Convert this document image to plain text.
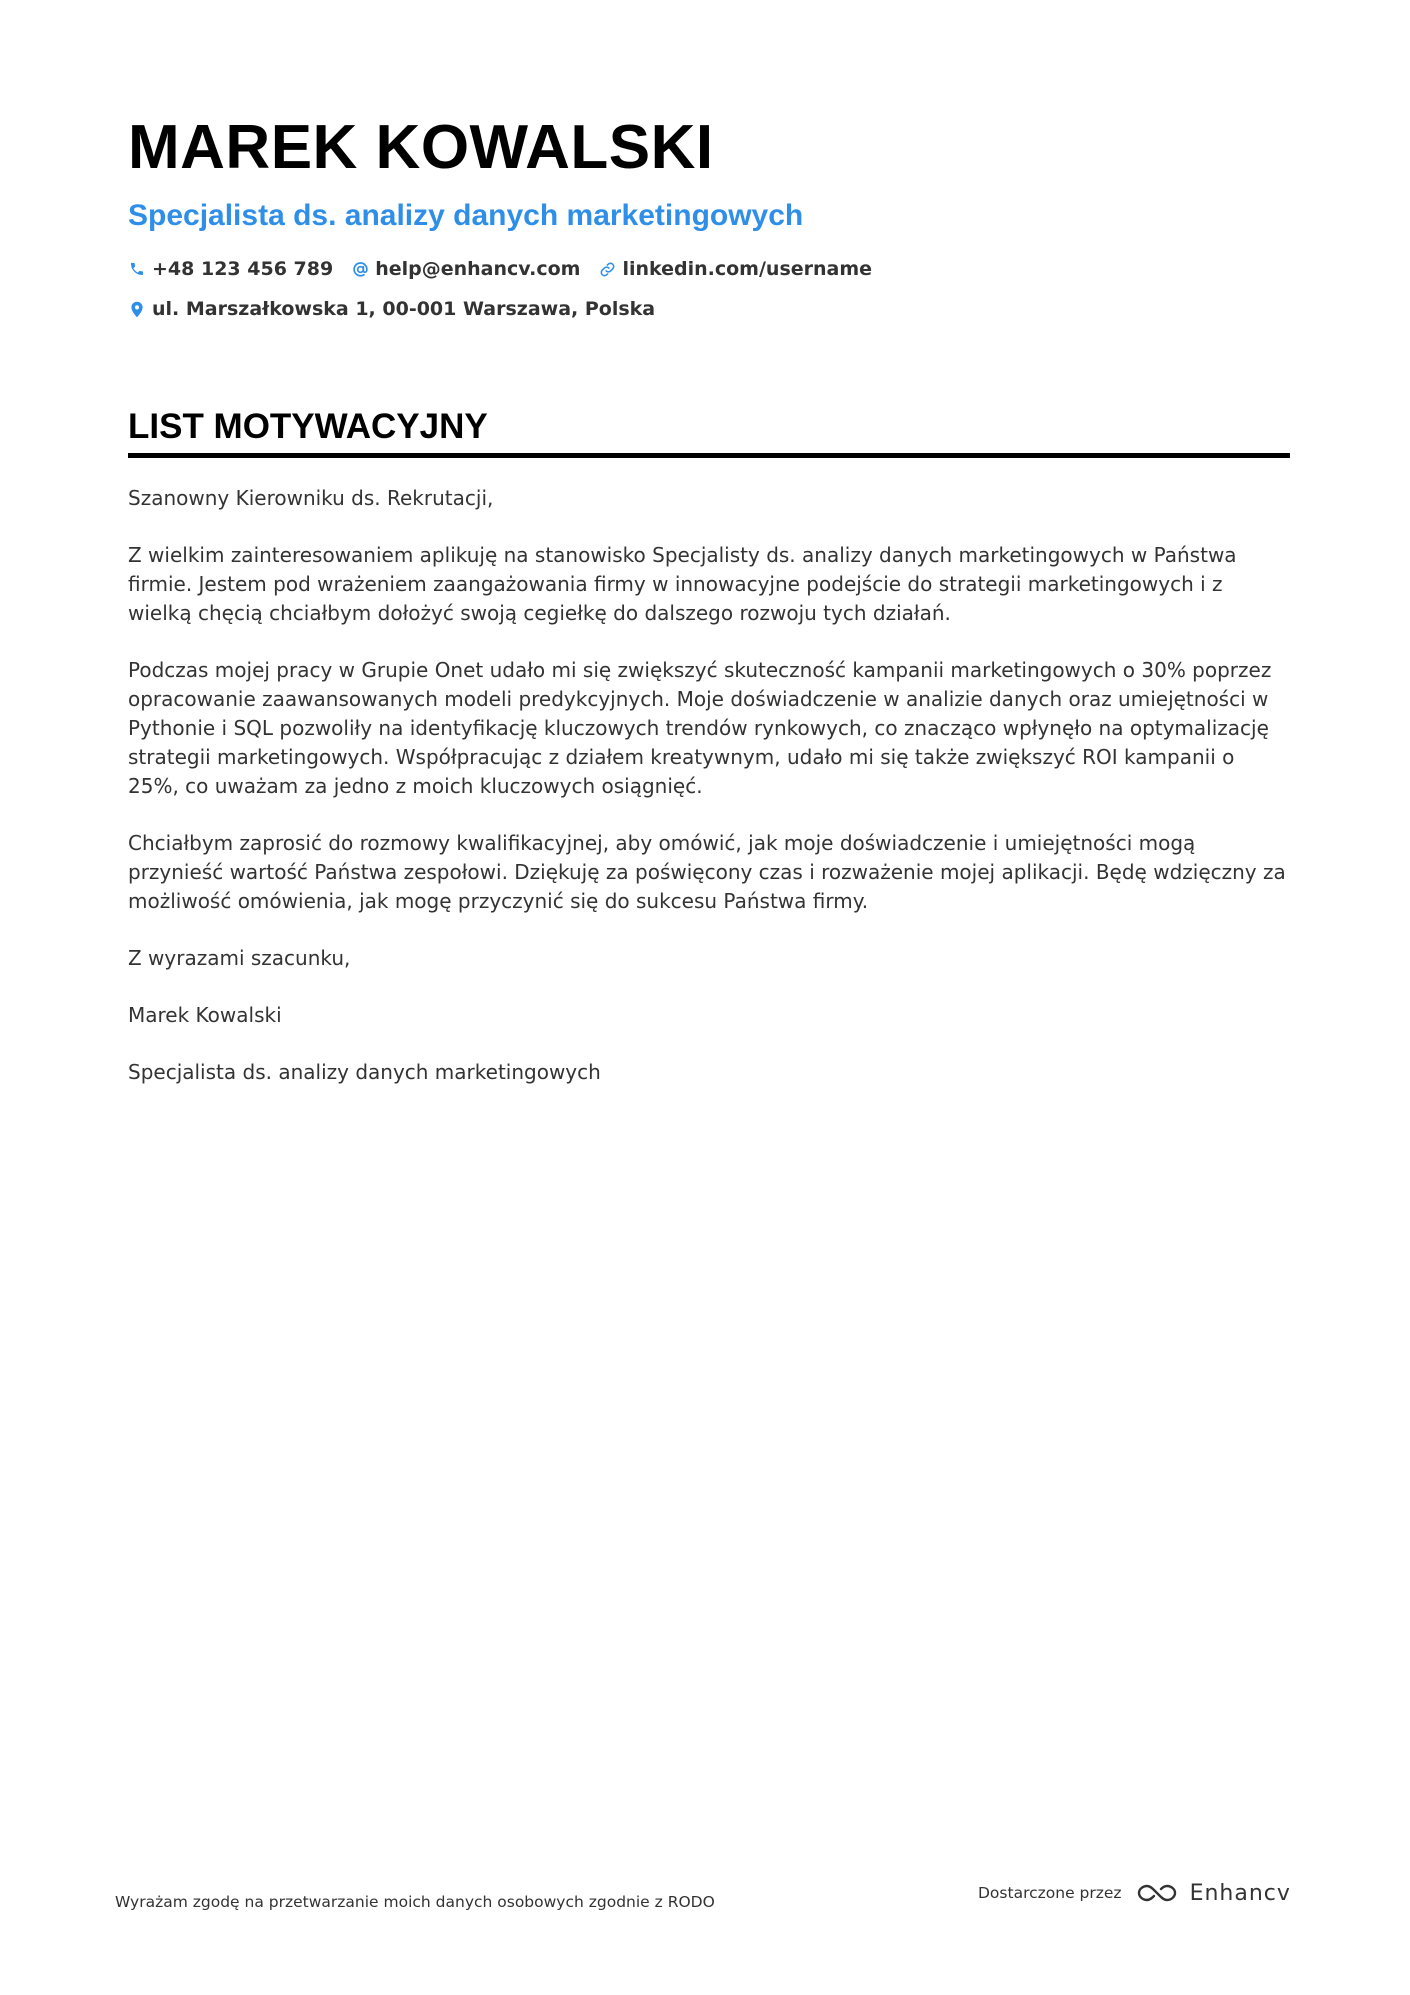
MAREK KOWALSKI
Specjalista ds. analizy danych marketingowych
+48 123 456 789 help@enhancv.com linkedin.com/username
ul. Marszałkowska 1, 00-001 Warszawa, Polska
LIST MOTYWACYJNY

Szanowny Kierowniku ds. Rekrutacji,

Z wielkim zainteresowaniem aplikuję na stanowisko Specjalisty ds. analizy danych marketingowych w Państwa firmie. Jestem pod wrażeniem zaangażowania firmy w innowacyjne podejście do strategii marketingowych i z wielką chęcią chciałbym dołożyć swoją cegiełkę do dalszego rozwoju tych działań.

Podczas mojej pracy w Grupie Onet udało mi się zwiększyć skuteczność kampanii marketingowych o 30% poprzez opracowanie zaawansowanych modeli predykcyjnych. Moje doświadczenie w analizie danych oraz umiejętności w Pythonie i SQL pozwoliły na identyfikację kluczowych trendów rynkowych, co znacząco wpłynęło na optymalizację strategii marketingowych. Współpracując z działem kreatywnym, udało mi się także zwiększyć ROI kampanii o 25%, co uważam za jedno z moich kluczowych osiągnięć.

Chciałbym zaprosić do rozmowy kwalifikacyjnej, aby omówić, jak moje doświadczenie i umiejętności mogą przynieść wartość Państwa zespołowi. Dziękuję za poświęcony czas i rozważenie mojej aplikacji. Będę wdzięczny za możliwość omówienia, jak mogę przyczynić się do sukcesu Państwa firmy.

Z wyrazami szacunku,

Marek Kowalski

Specjalista ds. analizy danych marketingowych

Wyrażam zgodę na przetwarzanie moich danych osobowych zgodnie z RODO	Dostarczone przez	Enhancv
